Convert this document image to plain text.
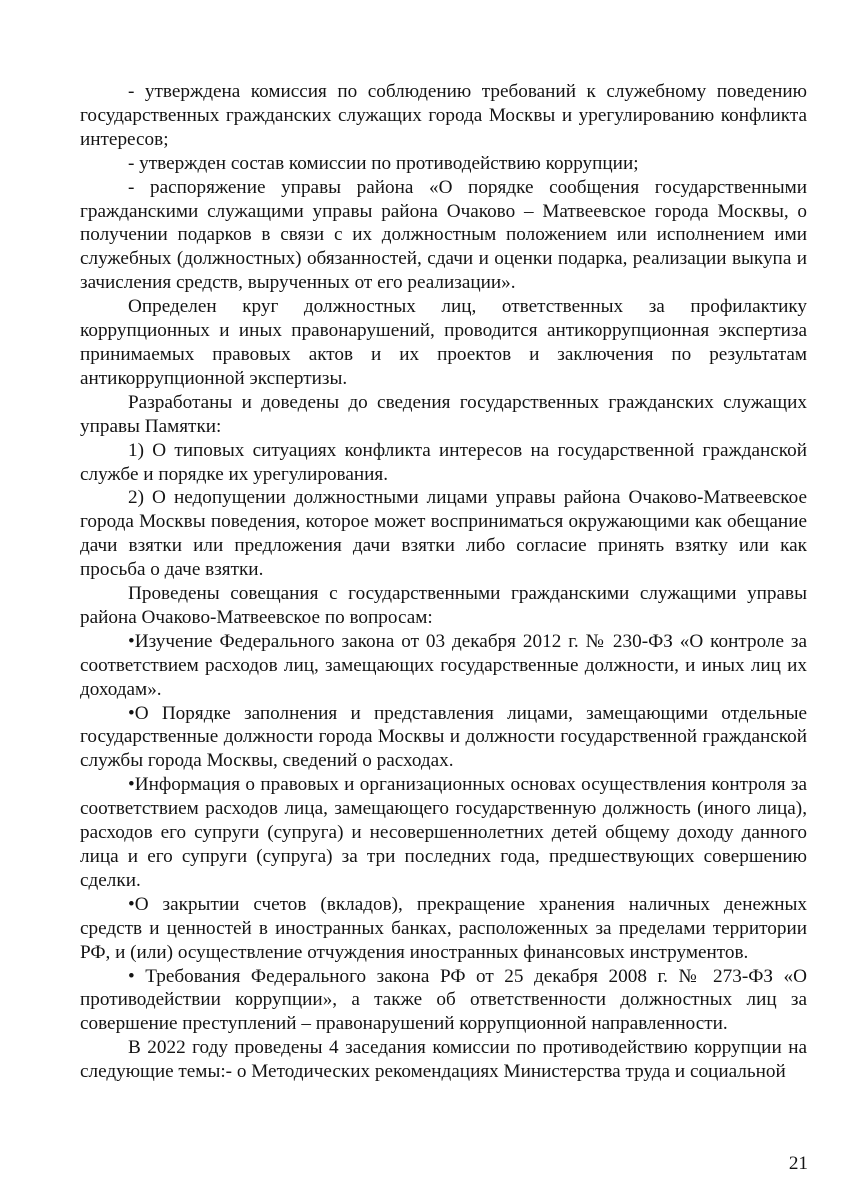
- утверждена комиссия по соблюдению требований к служебному поведению государственных гражданских служащих города Москвы и урегулированию конфликта интересов;

- утвержден состав комиссии по противодействию коррупции;

- распоряжение управы района «О порядке сообщения государственными гражданскими служащими управы района Очаково – Матвеевское города Москвы, о получении подарков в связи с их должностным положением или исполнением ими служебных (должностных) обязанностей, сдачи и оценки подарка, реализации выкупа и зачисления средств, вырученных от его реализации».

Определен круг должностных лиц, ответственных за профилактику коррупционных и иных правонарушений, проводится антикоррупционная экспертиза принимаемых правовых актов и их проектов и заключения по результатам антикоррупционной экспертизы.

Разработаны и доведены до сведения государственных гражданских служащих управы Памятки:

1) О типовых ситуациях конфликта интересов на государственной гражданской службе и порядке их урегулирования.

2) О недопущении должностными лицами управы района Очаково-Матвеевское города Москвы поведения, которое может восприниматься окружающими как обещание дачи взятки или предложения дачи взятки либо согласие принять взятку или как просьба о даче взятки.

Проведены совещания с государственными гражданскими служащими управы района Очаково-Матвеевское по вопросам:

•Изучение Федерального закона от 03 декабря 2012 г. № 230-ФЗ «О контроле за соответствием расходов лиц, замещающих государственные должности, и иных лиц их доходам».

•О Порядке заполнения и представления лицами, замещающими отдельные государственные должности города Москвы и должности государственной гражданской службы города Москвы, сведений о расходах.

•Информация о правовых и организационных основах осуществления контроля за соответствием расходов лица, замещающего государственную должность (иного лица), расходов его супруги (супруга) и несовершеннолетних детей общему доходу данного лица и его супруги (супруга) за три последних года, предшествующих совершению сделки.

•О закрытии счетов (вкладов), прекращение хранения наличных денежных средств и ценностей в иностранных банках, расположенных за пределами территории РФ, и (или) осуществление отчуждения иностранных финансовых инструментов.

• Требования Федерального закона РФ от 25 декабря 2008 г. № 273-ФЗ «О противодействии коррупции», а также об ответственности должностных лиц за совершение преступлений – правонарушений коррупционной направленности.

В 2022 году проведены 4 заседания комиссии по противодействию коррупции на следующие темы:- о Методических рекомендациях Министерства труда и социальной

21
